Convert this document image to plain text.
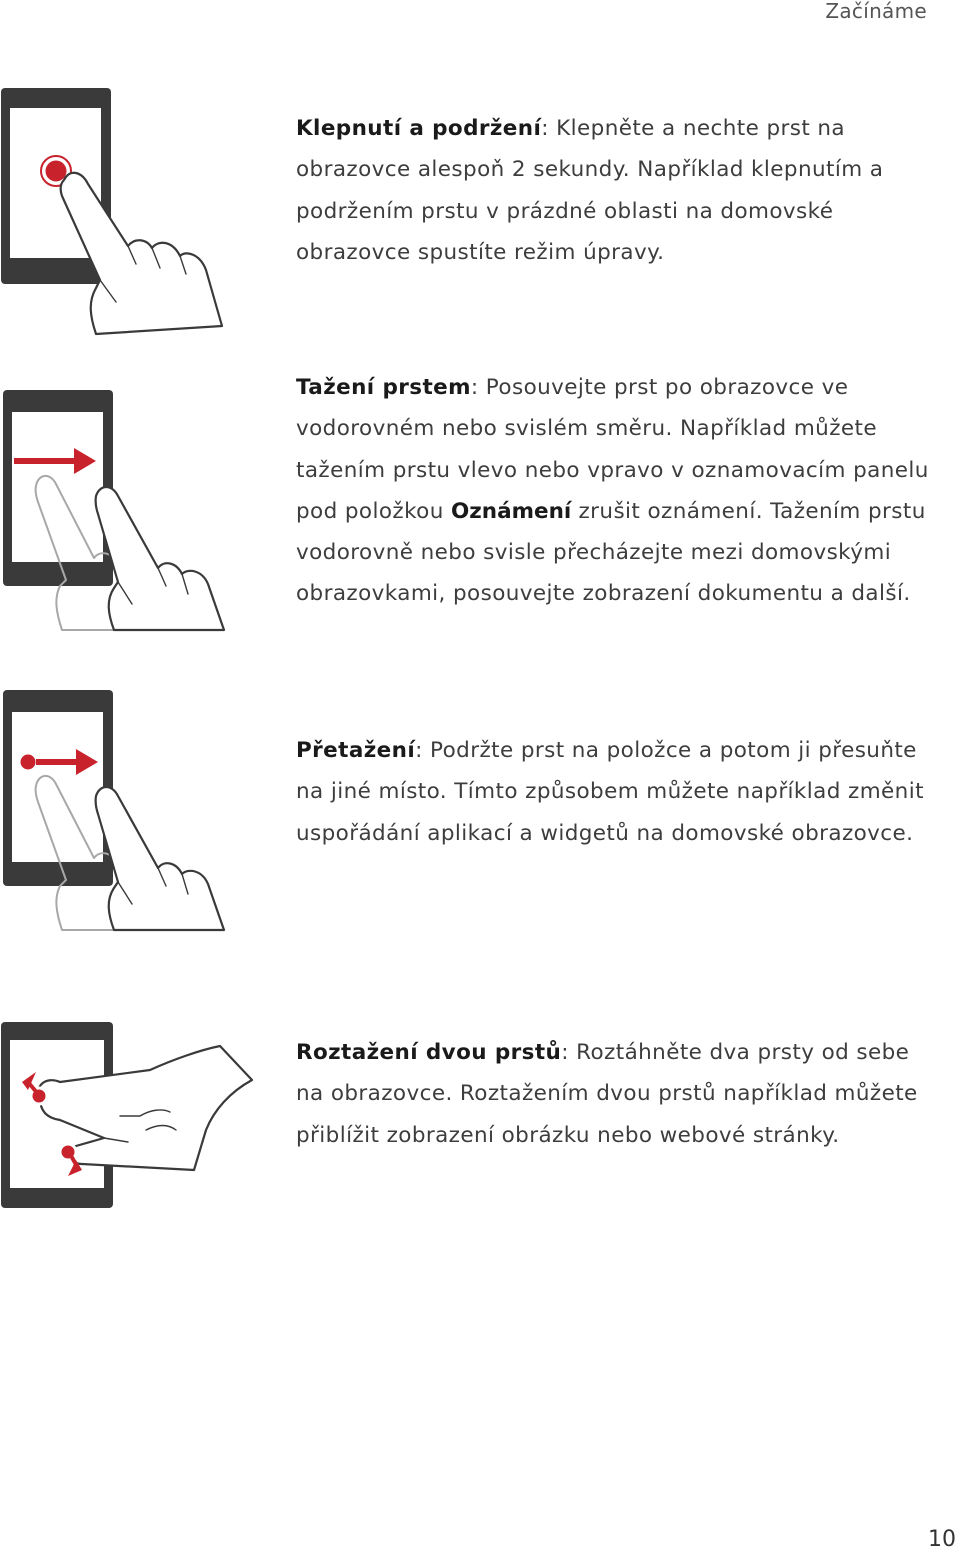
Začínáme

Klepnutí a podržení: Klepněte a nechte prst na obrazovce alespoň 2 sekundy. Například klepnutím a podržením prstu v prázdné oblasti na domovské obrazovce spustíte režim úpravy.

Tažení prstem: Posouvejte prst po obrazovce ve vodorovném nebo svislém směru. Například můžete tažením prstu vlevo nebo vpravo v oznamovacím panelu pod položkou Oznámení zrušit oznámení. Tažením prstu vodorovně nebo svisle přecházejte mezi domovskými obrazovkami, posouvejte zobrazení dokumentu a další.

Přetažení: Podržte prst na položce a potom ji přesuňte na jiné místo. Tímto způsobem můžete například změnit uspořádání aplikací a widgetů na domovské obrazovce.

Roztažení dvou prstů: Roztáhněte dva prsty od sebe na obrazovce. Roztažením dvou prstů například můžete přiblížit zobrazení obrázku nebo webové stránky.

10
